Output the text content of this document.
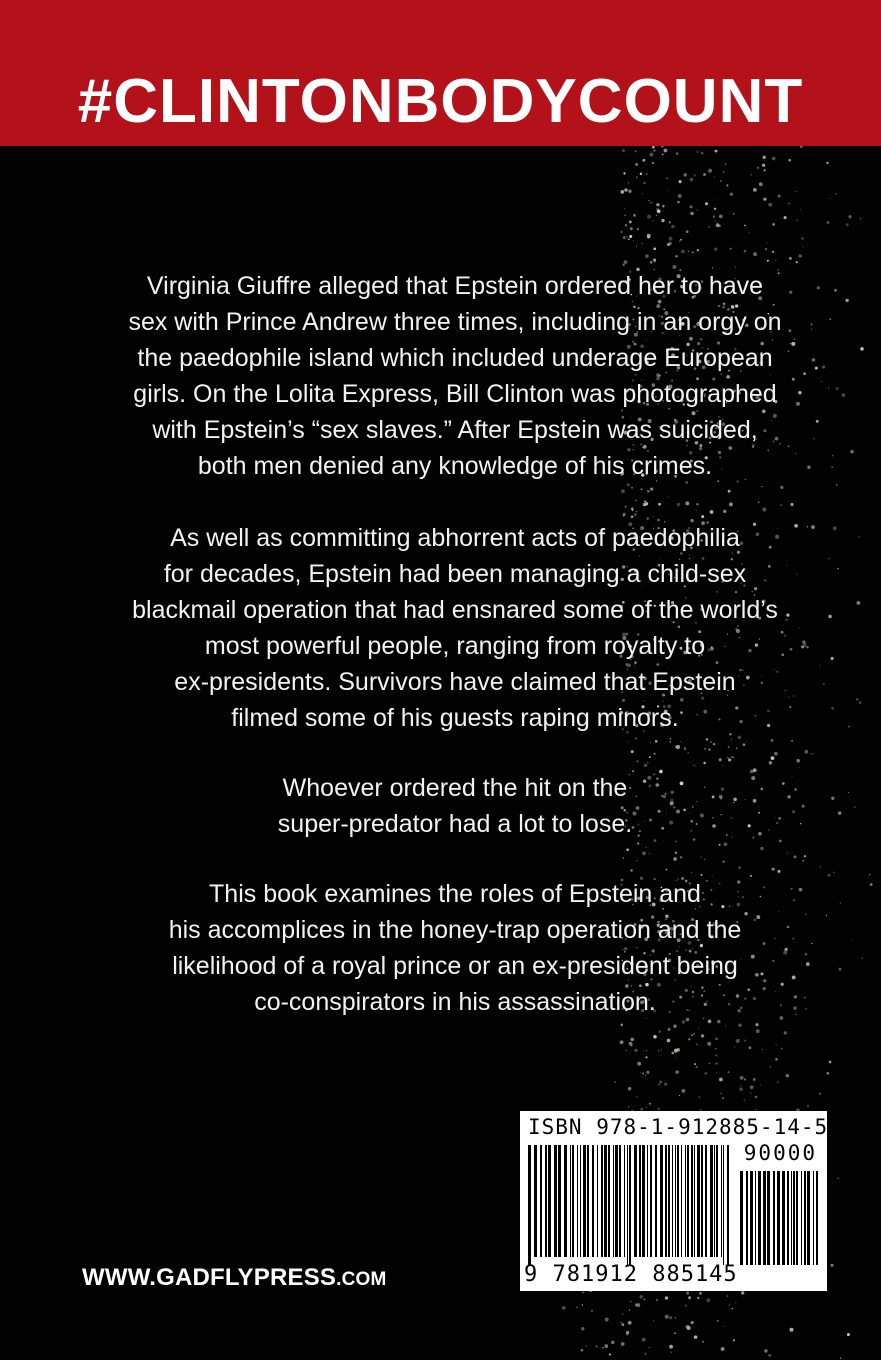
#CLINTONBODYCOUNT

Virginia Giuffre alleged that Epstein ordered her to have
sex with Prince Andrew three times, including in an orgy on
the paedophile island which included underage European
girls. On the Lolita Express, Bill Clinton was photographed
with Epstein’s “sex slaves.” After Epstein was suicided,
both men denied any knowledge of his crimes.

As well as committing abhorrent acts of paedophilia
for decades, Epstein had been managing a child-sex
blackmail operation that had ensnared some of the world’s
most powerful people, ranging from royalty to
ex-presidents. Survivors have claimed that Epstein
filmed some of his guests raping minors.

Whoever ordered the hit on the
super-predator had a lot to lose.

This book examines the roles of Epstein and
his accomplices in the honey-trap operation and the
likelihood of a royal prince or an ex-president being
co-conspirators in his assassination.

WWW.GADFLYPRESS.COM
ISBN 978-1-912885-14-5
90000
9 781912 885145
